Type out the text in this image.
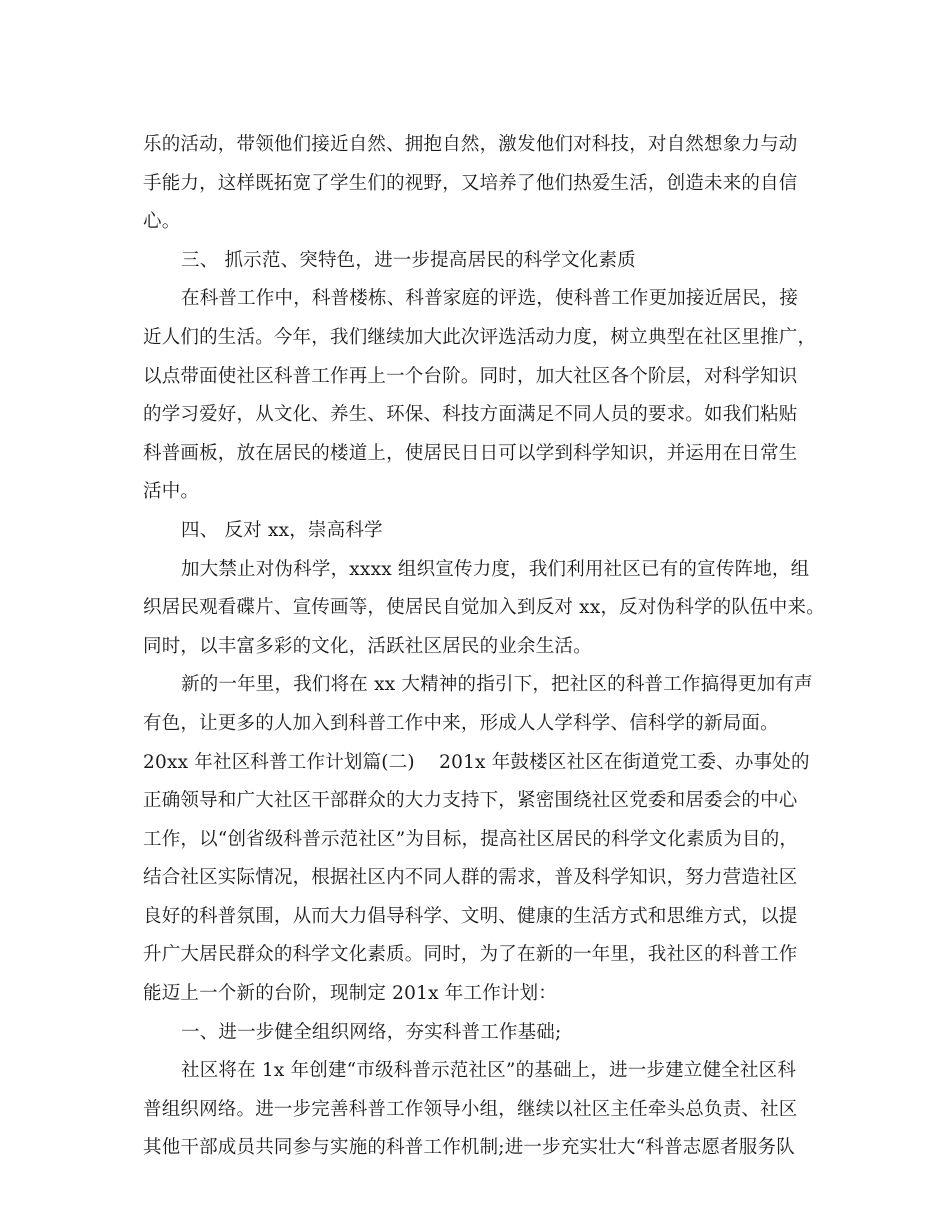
乐的活动，带领他们接近自然、拥抱自然，激发他们对科技，对自然想象力与动
手能力，这样既拓宽了学生们的视野，又培养了他们热爱生活，创造未来的自信
心。
三、 抓示范、突特色，进一步提高居民的科学文化素质
在科普工作中，科普楼栋、科普家庭的评选，使科普工作更加接近居民，接
近人们的生活。今年，我们继续加大此次评选活动力度，树立典型在社区里推广，
以点带面使社区科普工作再上一个台阶。同时，加大社区各个阶层，对科学知识
的学习爱好，从文化、养生、环保、科技方面满足不同人员的要求。如我们粘贴
科普画板，放在居民的楼道上，使居民日日可以学到科学知识，并运用在日常生
活中。
四、 反对 xx，崇高科学
加大禁止对伪科学，xxxx 组织宣传力度，我们利用社区已有的宣传阵地，组
织居民观看碟片、宣传画等，使居民自觉加入到反对 xx，反对伪科学的队伍中来。
同时，以丰富多彩的文化，活跃社区居民的业余生活。
新的一年里，我们将在 xx 大精神的指引下，把社区的科普工作搞得更加有声
有色，让更多的人加入到科普工作中来，形成人人学科学、信科学的新局面。
20xx 年社区科普工作计划篇(二)    201x 年鼓楼区社区在街道党工委、办事处的
正确领导和广大社区干部群众的大力支持下，紧密围绕社区党委和居委会的中心
工作，以“创省级科普示范社区”为目标，提高社区居民的科学文化素质为目的，
结合社区实际情况，根据社区内不同人群的需求，普及科学知识，努力营造社区
良好的科普氛围，从而大力倡导科学、文明、健康的生活方式和思维方式，以提
升广大居民群众的科学文化素质。同时，为了在新的一年里，我社区的科普工作
能迈上一个新的台阶，现制定 201x 年工作计划：
一、进一步健全组织网络，夯实科普工作基础;
社区将在 1x 年创建“市级科普示范社区”的基础上，进一步建立健全社区科
普组织网络。进一步完善科普工作领导小组，继续以社区主任牵头总负责、社区
其他干部成员共同参与实施的科普工作机制;进一步充实壮大“科普志愿者服务队
